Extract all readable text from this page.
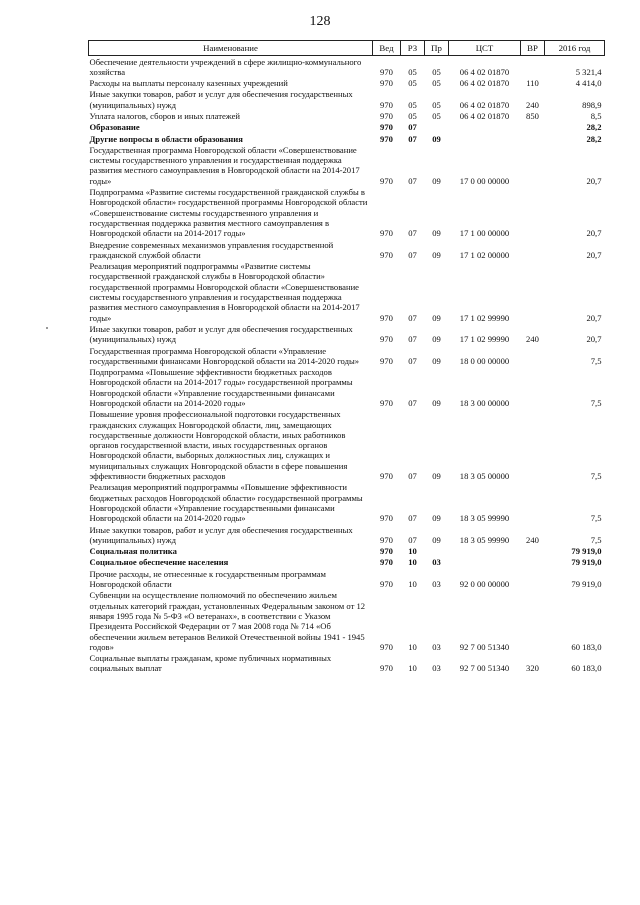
128
Наименование	Вед	РЗ	Пр	ЦСТ	ВР	2016 год
Обеспечение деятельности учреждений в сфере жилищно-коммунального хозяйства	970	05	05	06 4 02 01870		5 321,4
Расходы на выплаты персоналу казенных учреждений	970	05	05	06 4 02 01870	110	4 414,0
Иные закупки товаров, работ и услуг для обеспечения государственных (муниципальных) нужд	970	05	05	06 4 02 01870	240	898,9
Уплата налогов, сборов и иных платежей	970	05	05	06 4 02 01870	850	8,5
Образование	970	07				28,2
Другие вопросы в области образования	970	07	09			28,2
Государственная программа Новгородской области «Совершенствование системы государственного управления и государственная поддержка развития местного самоуправления в Новгородской области на 2014-2017 годы»	970	07	09	17 0 00 00000		20,7
Подпрограмма «Развитие системы государственной гражданской службы в Новгородской области» государственной программы Новгородской области «Совершенствование системы государственного управления и государственная поддержка развития местного самоуправления в Новгородской области на 2014-2017 годы»	970	07	09	17 1 00 00000		20,7
Внедрение современных механизмов управления государственной гражданской службой области	970	07	09	17 1 02 00000		20,7
Реализация мероприятий подпрограммы «Развитие системы государственной гражданской службы в Новгородской области» государственной программы Новгородской области «Совершенствование системы государственного управления и государственная поддержка развития местного самоуправления в Новгородской области на 2014-2017 годы»	970	07	09	17 1 02 99990		20,7
Иные закупки товаров, работ и услуг для обеспечения государственных (муниципальных) нужд	970	07	09	17 1 02 99990	240	20,7
Государственная программа Новгородской области «Управление государственными финансами Новгородской области на 2014-2020 годы»	970	07	09	18 0 00 00000		7,5
Подпрограмма «Повышение эффективности бюджетных расходов Новгородской области на 2014-2017 годы» государственной программы Новгородской области «Управление государственными финансами Новгородской области на 2014-2020 годы»	970	07	09	18 3 00 00000		7,5
Повышение уровня профессиональной подготовки государственных гражданских служащих Новгородской области, лиц, замещающих государственные должности Новгородской области, иных работников органов государственной власти, иных государственных органов Новгородской области, выборных должностных лиц, служащих и муниципальных служащих Новгородской области в сфере повышения эффективности бюджетных расходов	970	07	09	18 3 05 00000		7,5
Реализация мероприятий подпрограммы «Повышение эффективности бюджетных расходов Новгородской области» государственной программы Новгородской области «Управление государственными финансами Новгородской области на 2014-2020 годы»	970	07	09	18 3 05 99990		7,5
Иные закупки товаров, работ и услуг для обеспечения государственных (муниципальных) нужд	970	07	09	18 3 05 99990	240	7,5
Социальная политика	970	10				79 919,0
Социальное обеспечение населения	970	10	03			79 919,0
Прочие расходы, не отнесенные к государственным программам Новгородской области	970	10	03	92 0 00 00000		79 919,0
Субвенции на осуществление полномочий по обеспечению жильем отдельных категорий граждан, установленных Федеральным законом от 12 января 1995 года № 5-ФЗ «О ветеранах», в соответствии с Указом Президента Российской Федерации от 7 мая 2008 года № 714 «Об обеспечении жильем ветеранов Великой Отечественной войны 1941 - 1945 годов»	970	10	03	92 7 00 51340		60 183,0
Социальные выплаты гражданам, кроме публичных нормативных социальных выплат	970	10	03	92 7 00 51340	320	60 183,0
